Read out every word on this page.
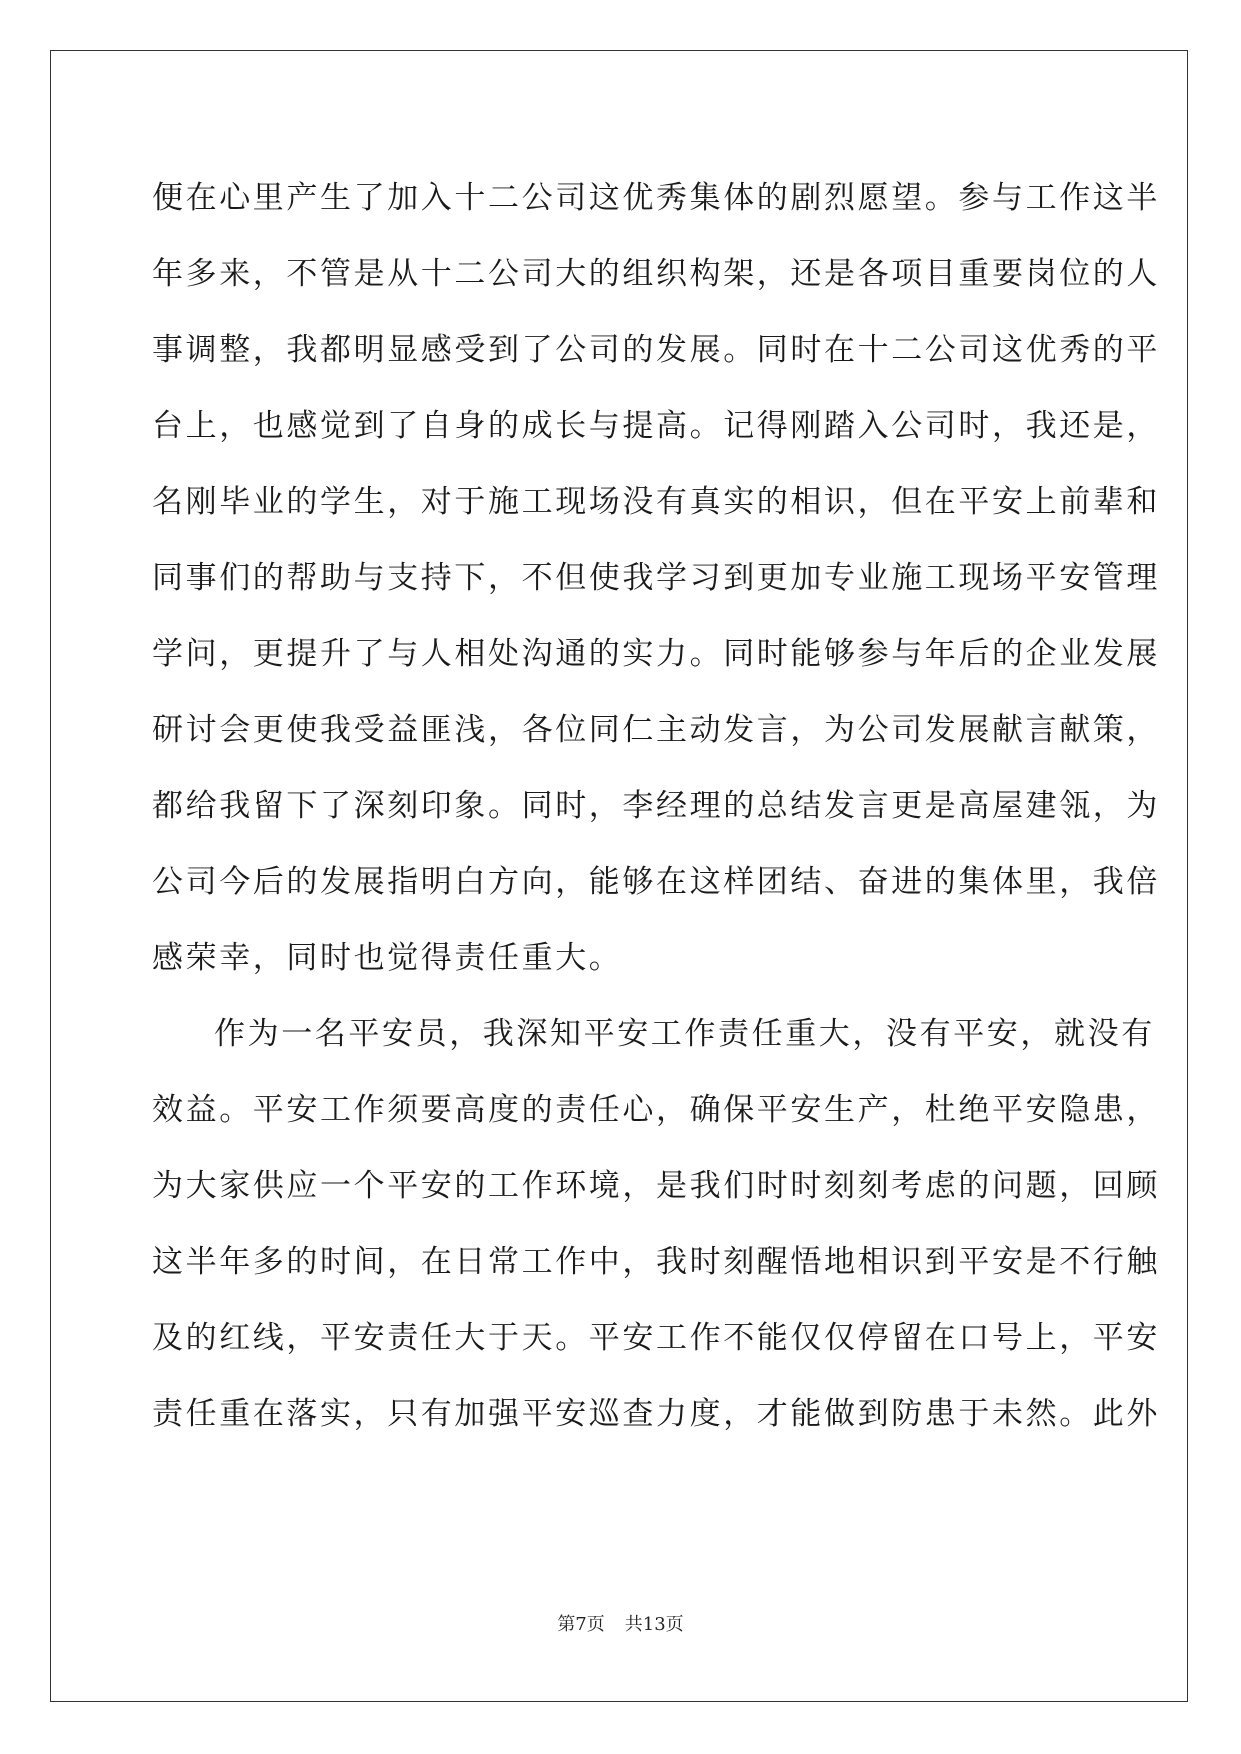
便在心里产生了加入十二公司这优秀集体的剧烈愿望。参与工作这半
年多来，不管是从十二公司大的组织构架，还是各项目重要岗位的人
事调整，我都明显感受到了公司的发展。同时在十二公司这优秀的平
台上，也感觉到了自身的成长与提高。记得刚踏入公司时，我还是，
名刚毕业的学生，对于施工现场没有真实的相识，但在平安上前辈和
同事们的帮助与支持下，不但使我学习到更加专业施工现场平安管理
学问，更提升了与人相处沟通的实力。同时能够参与年后的企业发展
研讨会更使我受益匪浅，各位同仁主动发言，为公司发展献言献策，
都给我留下了深刻印象。同时，李经理的总结发言更是高屋建瓴，为
公司今后的发展指明白方向，能够在这样团结、奋进的集体里，我倍
感荣幸，同时也觉得责任重大。
作为一名平安员，我深知平安工作责任重大，没有平安，就没有
效益。平安工作须要高度的责任心，确保平安生产，杜绝平安隐患，
为大家供应一个平安的工作环境，是我们时时刻刻考虑的问题，回顾
这半年多的时间，在日常工作中，我时刻醒悟地相识到平安是不行触
及的红线，平安责任大于天。平安工作不能仅仅停留在口号上，平安
责任重在落实，只有加强平安巡查力度，才能做到防患于未然。此外
第7页 共13页
